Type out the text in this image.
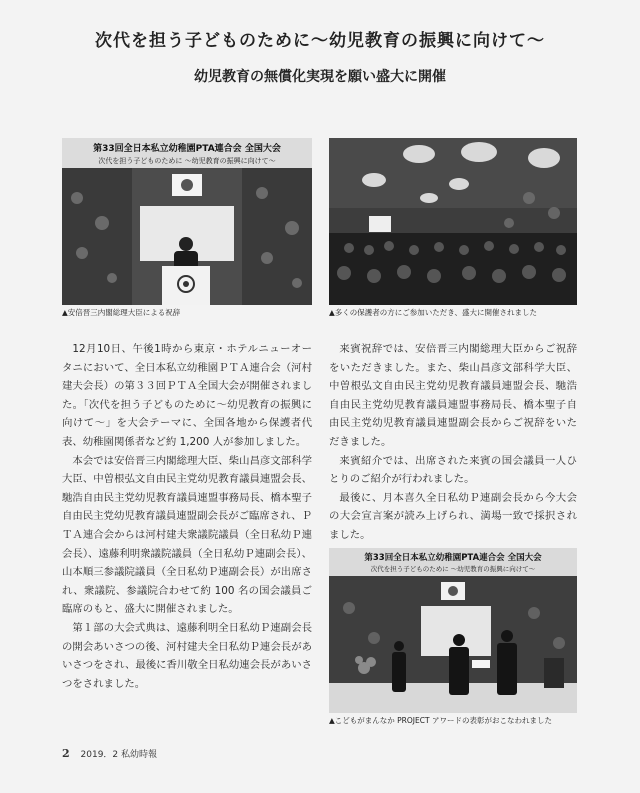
次代を担う子どものために～幼児教育の振興に向けて～
幼児教育の無償化実現を願い盛大に開催
第33回全日本私立幼稚園PTA連合会 全国大会
次代を担う子どものために ～幼児教育の振興に向けて～
▲安倍晋三内閣総理大臣による祝辞	▲多くの保護者の方にご参加いただき、盛大に開催されました

12月10日、午後1時から東京・ホテルニューオータニにおいて、全日本私立幼稚園ＰＴＡ連合会（河村建夫会長）の第３３回ＰＴＡ全国大会が開催されました。「次代を担う子どものために～幼児教育の振興に向けて～」を大会テーマに、全国各地から保護者代表、幼稚園関係者など約 1,200 人が参加しました。

本会では安倍晋三内閣総理大臣、柴山昌彦文部科学大臣、中曽根弘文自由民主党幼児教育議員連盟会長、馳浩自由民主党幼児教育議員連盟事務局長、橋本聖子自由民主党幼児教育議員連盟副会長がご臨席され、ＰＴＡ連合会からは河村建夫衆議院議員（全日私幼Ｐ連会長）、遠藤利明衆議院議員（全日私幼Ｐ連副会長）、山本順三参議院議員（全日私幼Ｐ連副会長）が出席され、衆議院、参議院合わせて約 100 名の国会議員ご臨席のもと、盛大に開催されました。

第１部の大会式典は、遠藤利明全日私幼Ｐ連副会長の開会あいさつの後、河村建夫全日私幼Ｐ連会長があいさつをされ、最後に香川敬全日私幼連会長があいさつをされました。

来賓祝辞では、安倍晋三内閣総理大臣からご祝辞をいただきました。また、柴山昌彦文部科学大臣、中曽根弘文自由民主党幼児教育議員連盟会長、馳浩自由民主党幼児教育議員連盟事務局長、橋本聖子自由民主党幼児教育議員連盟副会長からご祝辞をいただきました。

来賓紹介では、出席された来賓の国会議員一人ひとりのご紹介が行われました。

最後に、月本喜久全日私幼Ｐ連副会長から今大会の大会宣言案が読み上げられ、満場一致で採択されました。

第33回全日本私立幼稚園PTA連合会 全国大会
次代を担う子どものために ～幼児教育の振興に向けて～
▲こどもがまんなか PROJECT アワードの表彰がおこなわれました
2 2019．2 私幼時報
